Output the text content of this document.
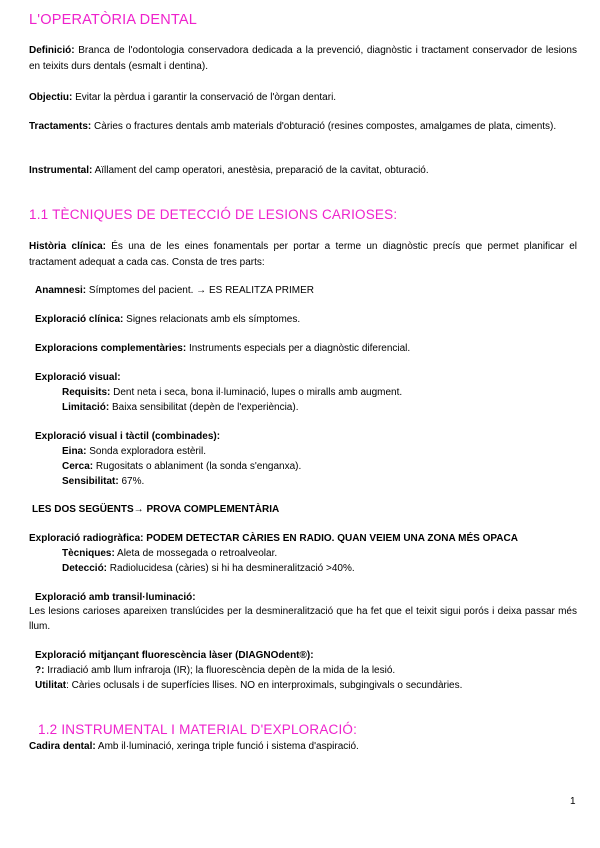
L'OPERATÒRIA DENTAL
Definició: Branca de l'odontologia conservadora dedicada a la prevenció, diagnòstic i tractament conservador de lesions en teixits durs dentals (esmalt i dentina).
Objectiu: Evitar la pèrdua i garantir la conservació de l'òrgan dentari.
Tractaments: Càries o fractures dentals amb materials d'obturació (resines compostes, amalgames de plata, ciments).
Instrumental: Aïllament del camp operatori, anestèsia, preparació de la cavitat, obturació.
1.1 TÈCNIQUES DE DETECCIÓ DE LESIONS CARIOSES:
Història clínica: És una de les eines fonamentals per portar a terme un diagnòstic precís que permet planificar el tractament adequat a cada cas. Consta de tres parts:
Anamnesi: Símptomes del pacient. → ES REALITZA PRIMER
Exploració clínica: Signes relacionats amb els símptomes.
Exploracions complementàries: Instruments especials per a diagnòstic diferencial.
Exploració visual:
Requisits: Dent neta i seca, bona il·luminació, lupes o miralls amb augment.
Limitació: Baixa sensibilitat (depèn de l'experiència).
Exploració visual i tàctil (combinades):
Eina: Sonda exploradora estèril.
Cerca: Rugositats o ablaniment (la sonda s'enganxa).
Sensibilitat: 67%.
LES DOS SEGÜENTS→ PROVA COMPLEMENTÀRIA
Exploració radiogràfica: PODEM DETECTAR CÀRIES EN RADIO. QUAN VEIEM UNA ZONA MÉS OPACA
Tècniques: Aleta de mossegada o retroalveolar.
Detecció: Radiolucidesa (càries) si hi ha desmineralització >40%.
Exploració amb transil·luminació:
Les lesions carioses apareixen translúcides per la desmineralització que ha fet que el teixit sigui porós i deixa passar més llum.
Exploració mitjançant fluorescència làser (DIAGNOdent®):
?: Irradiació amb llum infraroja (IR); la fluorescència depèn de la mida de la lesió.
Utilitat: Càries oclusals i de superfícies llises. NO en interproximals, subgingivals o secundàries.
1.2 INSTRUMENTAL I MATERIAL D'EXPLORACIÓ:
Cadira dental: Amb il·luminació, xeringa triple funció i sistema d'aspiració.
1
